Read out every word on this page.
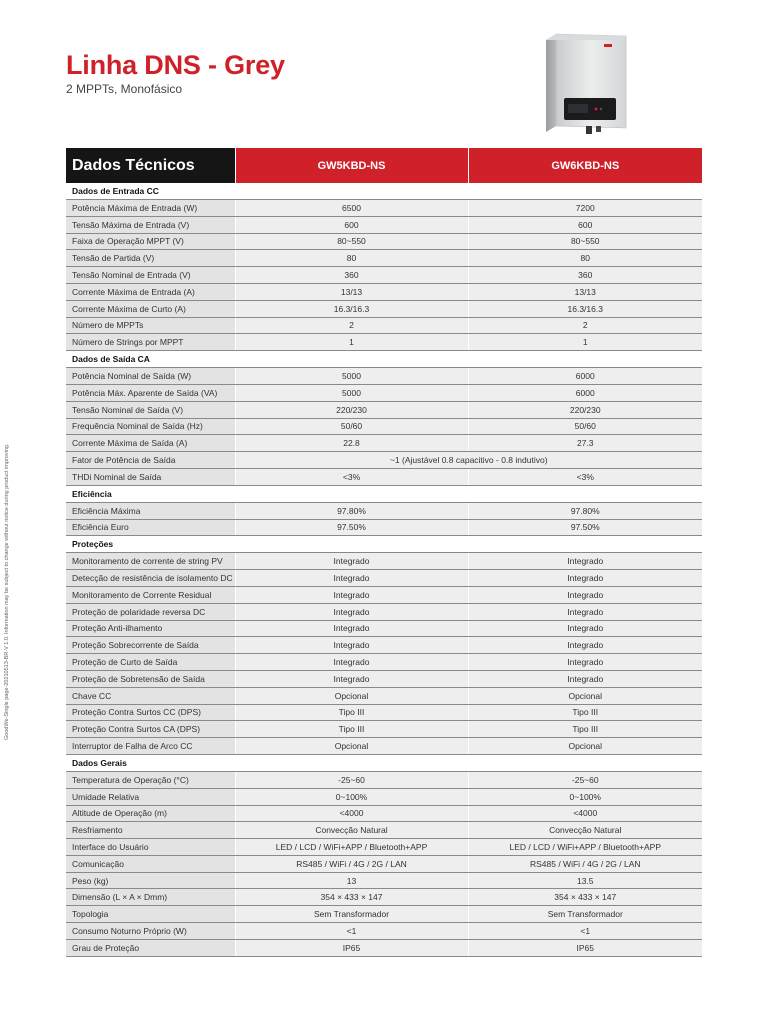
Linha DNS - Grey
2 MPPTs, Monofásico
GoodWe-Single page-20210513-BR-V 1.0. Information may be subject to change without notice during product improving.
Dados Técnicos	GW5KBD-NS	GW6KBD-NS
Dados de Entrada CC		
Potência Máxima de Entrada (W)	6500	7200
Tensão Máxima de Entrada (V)	600	600
Faixa de Operação MPPT (V)	80~550	80~550
Tensão de Partida (V)	80	80
Tensão Nominal de Entrada (V)	360	360
Corrente Máxima de Entrada (A)	13/13	13/13
Corrente Máxima de Curto (A)	16.3/16.3	16.3/16.3
Número de MPPTs	2	2
Número de Strings por MPPT	1	1
Dados de Saída CA		
Potência Nominal de Saída (W)	5000	6000
Potência Máx. Aparente de Saída (VA)	5000	6000
Tensão Nominal de Saída (V)	220/230	220/230
Frequência Nominal de Saída (Hz)	50/60	50/60
Corrente Máxima de Saída (A)	22.8	27.3
Fator de Potência de Saída	~1 (Ajustável 0.8 capacitivo - 0.8 indutivo)	
THDi Nominal de Saída	<3%	<3%
Eficiência		
Eficiência Máxima	97.80%	97.80%
Eficiência Euro	97.50%	97.50%
Proteções		
Monitoramento de corrente de string PV	Integrado	Integrado
Detecção de resistência de isolamento DC	Integrado	Integrado
Monitoramento de Corrente Residual	Integrado	Integrado
Proteção de polaridade reversa DC	Integrado	Integrado
Proteção Anti-ilhamento	Integrado	Integrado
Proteção Sobrecorrente de Saída	Integrado	Integrado
Proteção de Curto de Saída	Integrado	Integrado
Proteção de Sobretensão de Saída	Integrado	Integrado
Chave CC	Opcional	Opcional
Proteção Contra Surtos CC (DPS)	Tipo III	Tipo III
Proteção Contra Surtos CA (DPS)	Tipo III	Tipo III
Interruptor de Falha de Arco CC	Opcional	Opcional
Dados Gerais		
Temperatura de Operação (°C)	-25~60	-25~60
Umidade Relativa	0~100%	0~100%
Altitude de Operação (m)	<4000	<4000
Resfriamento	Convecção Natural	Convecção Natural
Interface do Usuário	LED / LCD / WiFi+APP / Bluetooth+APP	LED / LCD / WiFi+APP / Bluetooth+APP
Comunicação	RS485 / WiFi / 4G / 2G / LAN	RS485 / WiFi / 4G / 2G / LAN
Peso (kg)	13	13.5
Dimensão (L × A × Dmm)	354 × 433 × 147	354 × 433 × 147
Topologia	Sem Transformador	Sem Transformador
Consumo Noturno Próprio (W)	<1	<1
Grau de Proteção	IP65	IP65
